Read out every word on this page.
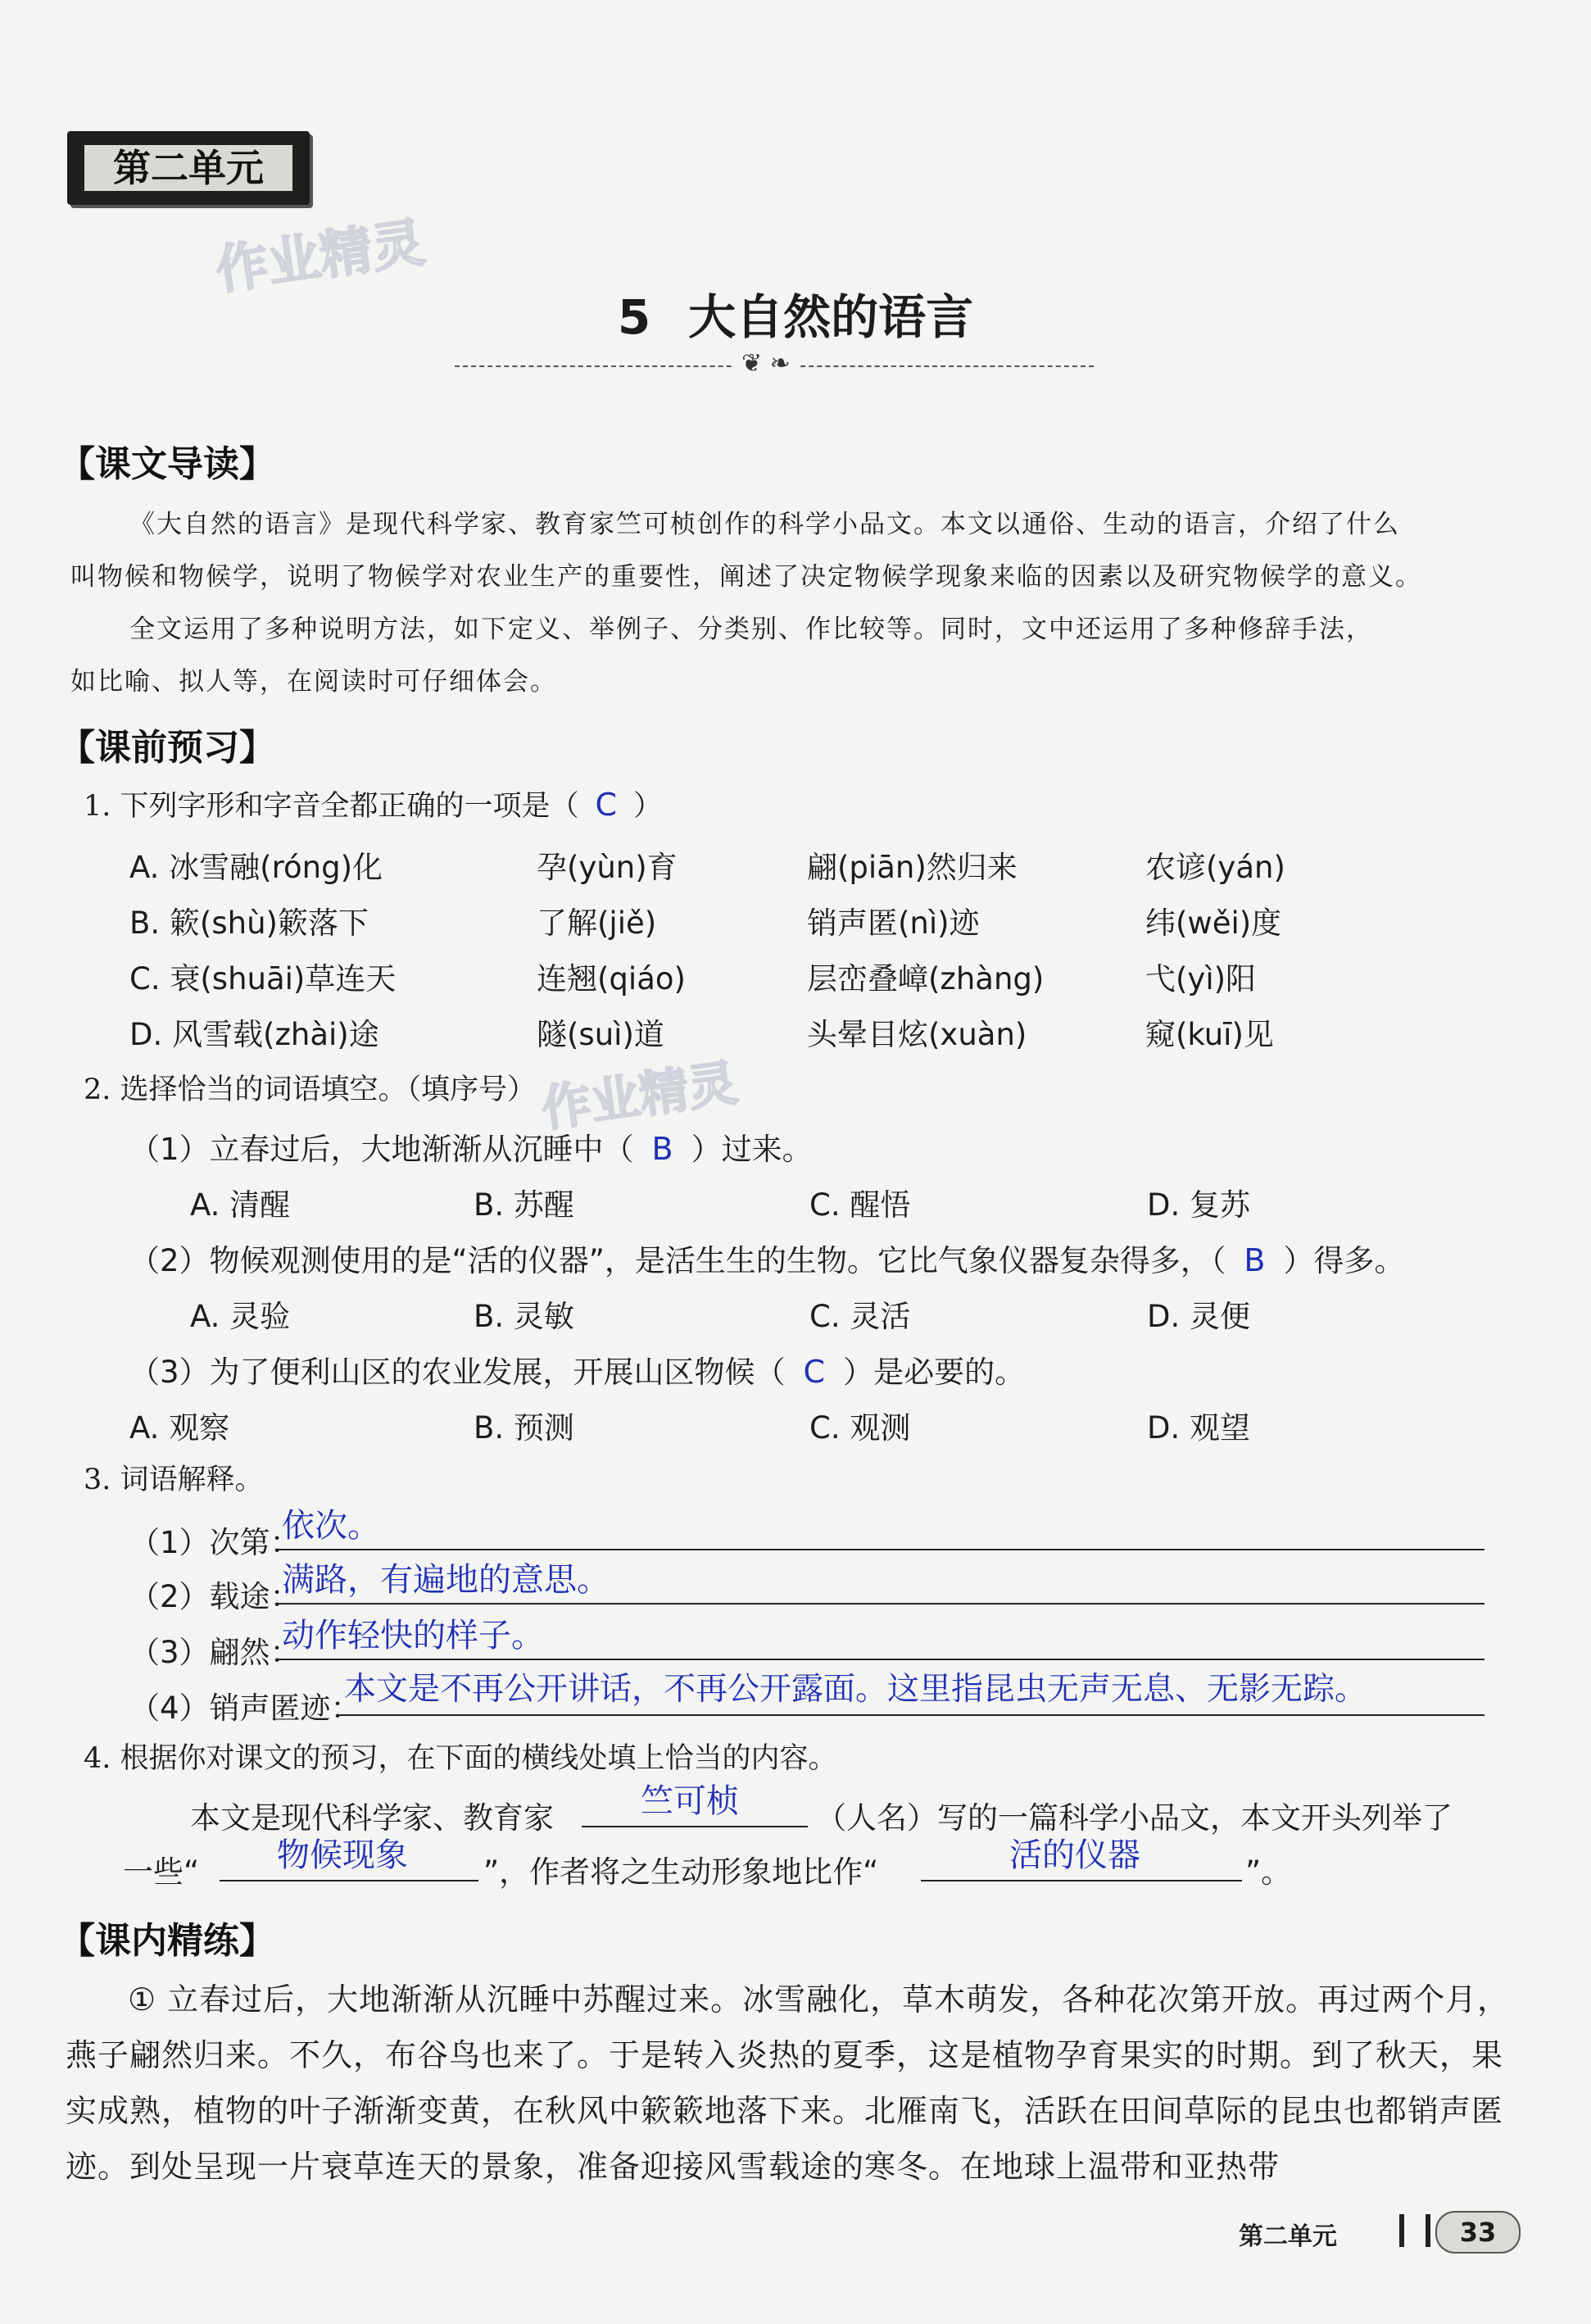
第二单元
作业精灵
作业精灵
5 大自然的语言
❦ ❧
【课文导读】
《大自然的语言》是现代科学家、教育家竺可桢创作的科学小品文。本文以通俗、生动的语言，介绍了什么
叫物候和物候学，说明了物候学对农业生产的重要性，阐述了决定物候学现象来临的因素以及研究物候学的意义。
全文运用了多种说明方法，如下定义、举例子、分类别、作比较等。同时，文中还运用了多种修辞手法，
如比喻、拟人等，在阅读时可仔细体会。
【课前预习】
1. 下列字形和字音全都正确的一项是（ C ）
A. 冰雪融(róng)化	孕(yùn)育	翩(piān)然归来	农谚(yán)
B. 簌(shù)簌落下	了解(jiě)	销声匿(nì)迹	纬(wěi)度
C. 衰(shuāi)草连天	连翘(qiáo)	层峦叠嶂(zhàng)	弋(yì)阳
D. 风雪载(zhài)途	隧(suì)道	头晕目炫(xuàn)	窥(kuī)见
2. 选择恰当的词语填空。（填序号）
（1）立春过后，大地渐渐从沉睡中（ B ）过来。
A. 清醒	B. 苏醒	C. 醒悟	D. 复苏
（2）物候观测使用的是“活的仪器”，是活生生的生物。它比气象仪器复杂得多，（ B ）得多。
A. 灵验	B. 灵敏	C. 灵活	D. 灵便
（3）为了便利山区的农业发展，开展山区物候（ C ）是必要的。
A. 观察	B. 预测	C. 观测	D. 观望
3. 词语解释。
（1）次第：
依次。
（2）载途：
满路，有遍地的意思。
（3）翩然：
动作轻快的样子。
（4）销声匿迹：
本文是不再公开讲话，不再公开露面。这里指昆虫无声无息、无影无踪。
4. 根据你对课文的预习，在下面的横线处填上恰当的内容。
本文是现代科学家、教育家	竺可桢	（人名）写的一篇科学小品文，本文开头列举了
一些“ 物候现象 ”，作者将之生动形象地比作“	活的仪器	”。
【课内精练】
① 立春过后，大地渐渐从沉睡中苏醒过来。冰雪融化，草木萌发，各种花次第开放。再过两个月，燕子翩然归来。不久，布谷鸟也来了。于是转入炎热的夏季，这是植物孕育果实的时期。到了秋天，果实成熟，植物的叶子渐渐变黄，在秋风中簌簌地落下来。北雁南飞，活跃在田间草际的昆虫也都销声匿迹。到处呈现一片衰草连天的景象，准备迎接风雪载途的寒冬。在地球上温带和亚热带
第二单元	33
